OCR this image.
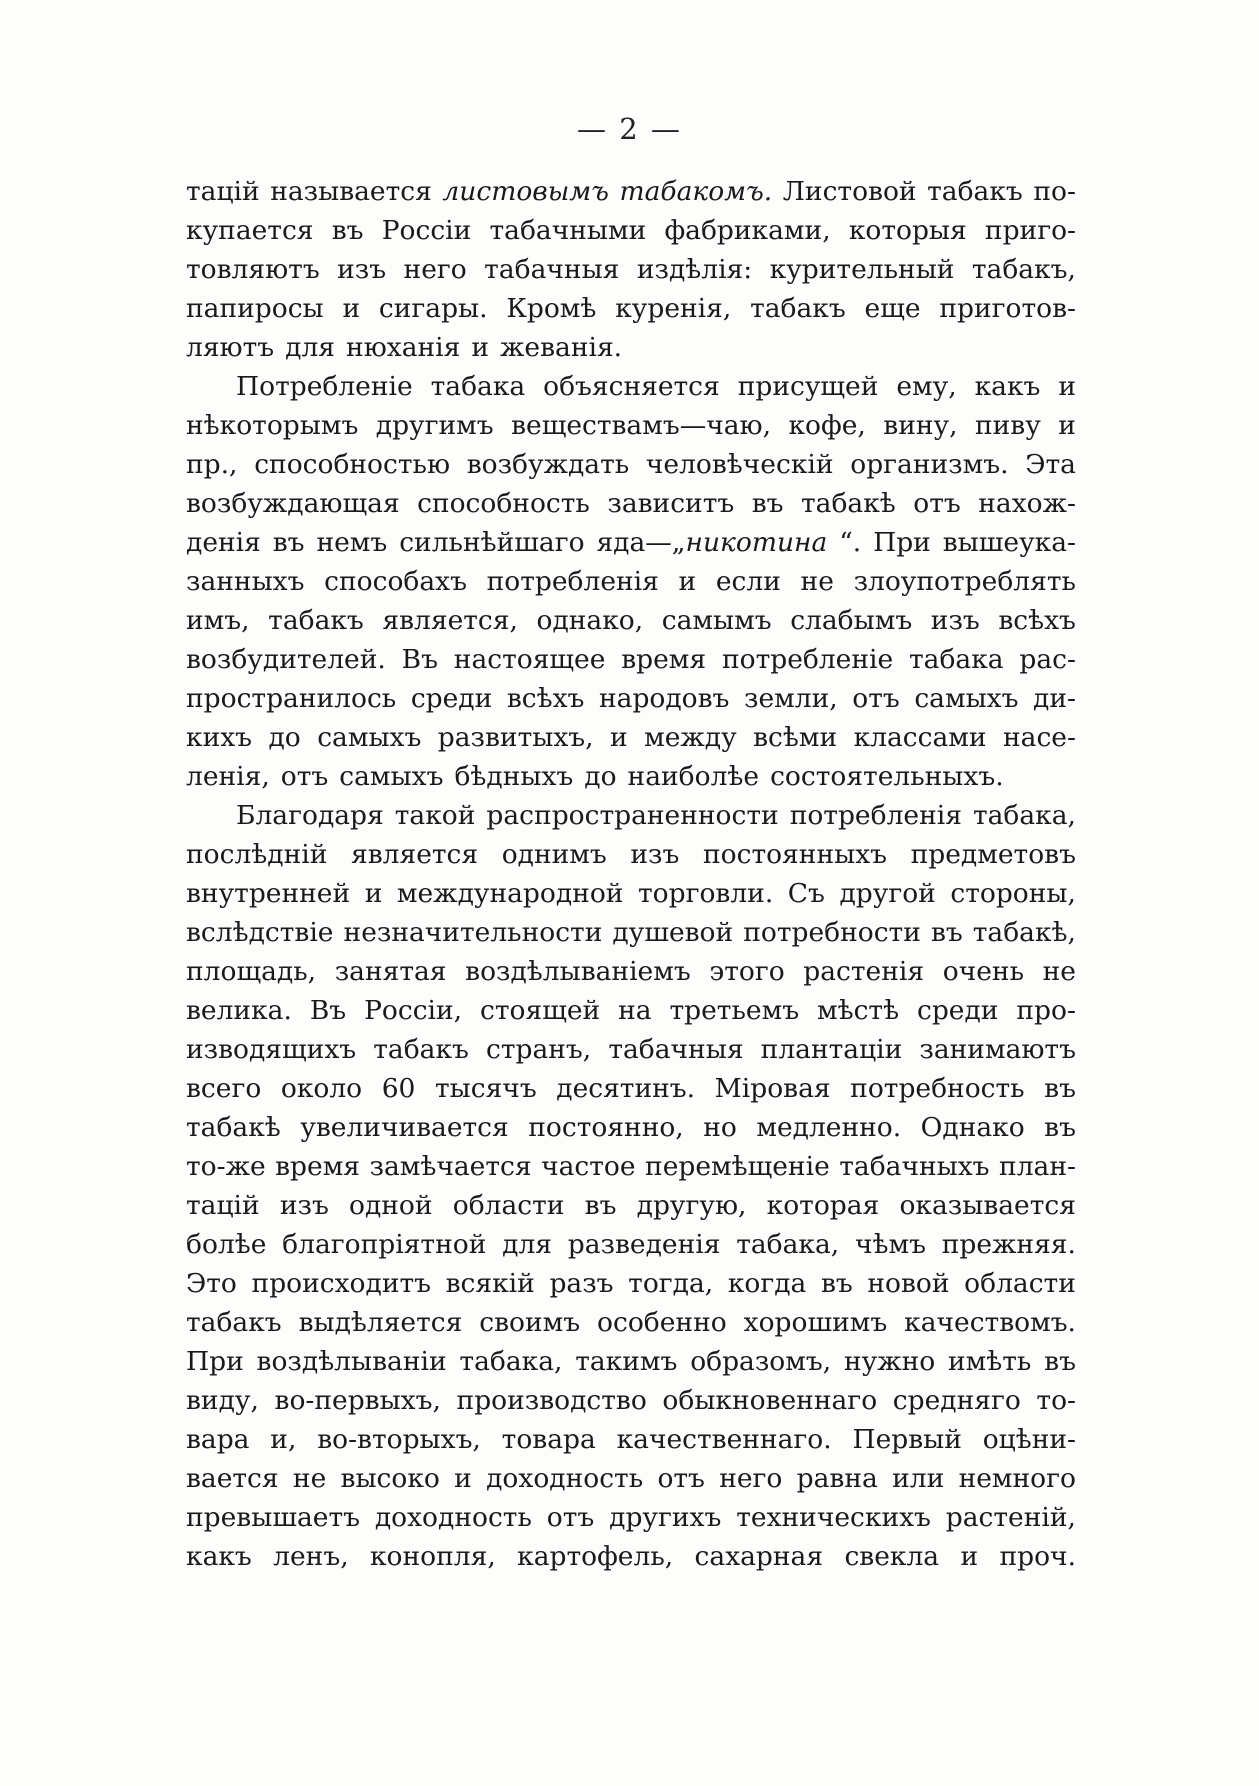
— 2 —
тацій называется листовымъ табакомъ. Листовой табакъ по-
купается въ Россіи табачными фабриками, которыя приго-
товляютъ изъ него табачныя издѣлія: курительный табакъ,
папиросы и сигары. Кромѣ куренія, табакъ еще приготов-
ляютъ для нюханія и жеванія.
Потребленіе табака объясняется присущей ему, какъ и
нѣкоторымъ другимъ веществамъ—чаю, кофе, вину, пиву и
пр., способностью возбуждать человѣческій организмъ. Эта
возбуждающая способность зависитъ въ табакѣ отъ нахож-
денія въ немъ сильнѣйшаго яда—„никотина “. При вышеука-
занныхъ способахъ потребленія и если не злоупотреблять
имъ, табакъ является, однако, самымъ слабымъ изъ всѣхъ
возбудителей. Въ настоящее время потребленіе табака рас-
пространилось среди всѣхъ народовъ земли, отъ самыхъ ди-
кихъ до самыхъ развитыхъ, и между всѣми классами насе-
ленія, отъ самыхъ бѣдныхъ до наиболѣе состоятельныхъ.
Благодаря такой распространенности потребленія табака,
послѣдній является однимъ изъ постоянныхъ предметовъ
внутренней и международной торговли. Съ другой стороны,
вслѣдствіе незначительности душевой потребности въ табакѣ,
площадь, занятая воздѣлываніемъ этого растенія очень не
велика. Въ Россіи, стоящей на третьемъ мѣстѣ среди про-
изводящихъ табакъ странъ, табачныя плантаціи занимаютъ
всего около 60 тысячъ десятинъ. Міровая потребность въ
табакѣ увеличивается постоянно, но медленно. Однако въ
то-же время замѣчается частое перемѣщеніе табачныхъ план-
тацій изъ одной области въ другую, которая оказывается
болѣе благопріятной для разведенія табака, чѣмъ прежняя.
Это происходитъ всякій разъ тогда, когда въ новой области
табакъ выдѣляется своимъ особенно хорошимъ качествомъ.
При воздѣлываніи табака, такимъ образомъ, нужно имѣть въ
виду, во-первыхъ, производство обыкновеннаго средняго то-
вара и, во-вторыхъ, товара качественнаго. Первый оцѣни-
вается не высоко и доходность отъ него равна или немного
превышаетъ доходность отъ другихъ техническихъ растеній,
какъ ленъ, конопля, картофель, сахарная свекла и проч.
